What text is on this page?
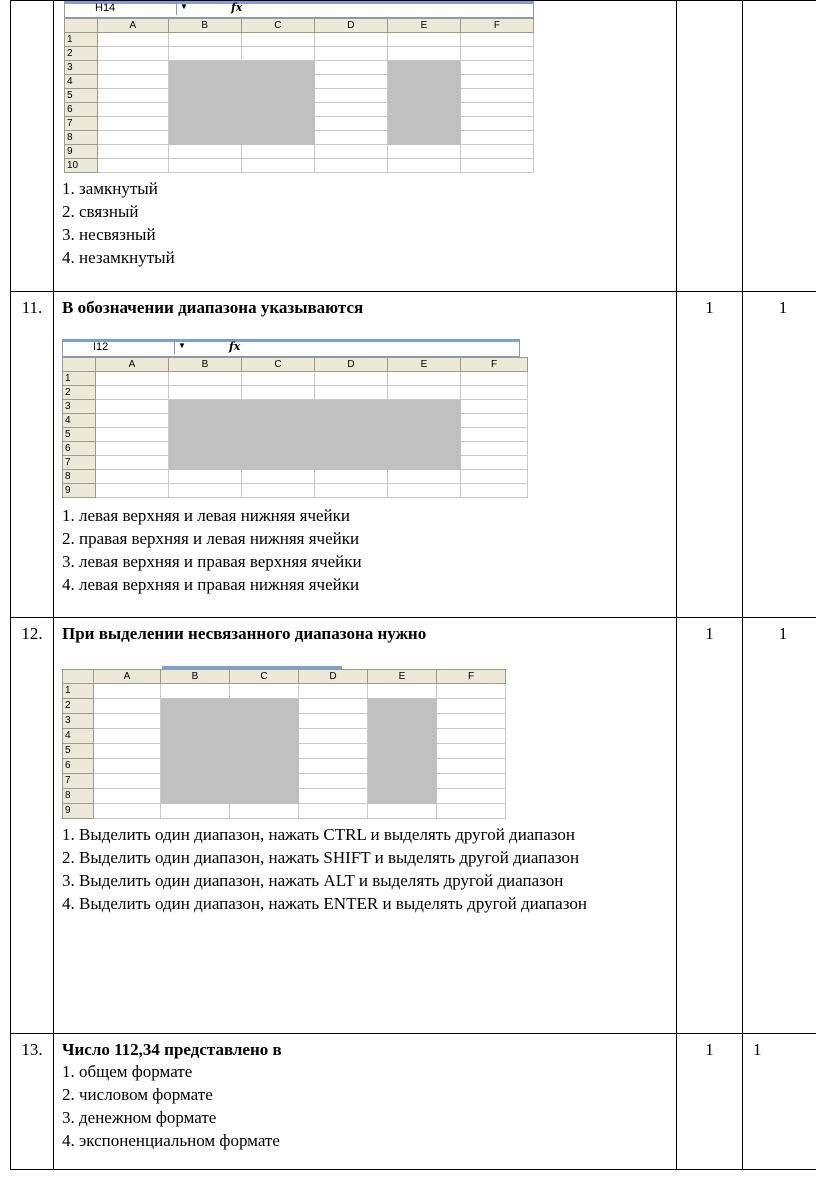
H14	▼	fx
	A	B	C	D	E	F
1						
2						
3						
4						
5						
6						
7						
8						
9						
10						
1. замкнутый
2. связный
3. несвязный
4. незамкнутый

11.	В обозначении диапазона указываются
I12	▼	fx
	A	B	C	D	E	F
1						
2						
3						
4						
5						
6						
7						
8						
9						
1. левая верхняя и левая нижняя ячейки
2. правая верхняя и левая нижняя ячейки
3. левая верхняя и правая верхняя ячейки
4. левая верхняя и правая нижняя ячейки
	1	1
12.	При выделении несвязанного диапазона нужно
	A	B	C	D	E	F
1						
2						
3						
4						
5						
6						
7						
8						
9						
1. Выделить один диапазон, нажать CTRL и выделять другой диапазон
2. Выделить один диапазон, нажать SHIFT и выделять другой диапазон
3. Выделить один диапазон, нажать ALT и выделять другой диапазон
4. Выделить один диапазон, нажать ENTER и выделять другой диапазон
	1	1
13.	Число 112,34 представлено в
1. общем формате
2. числовом формате
3. денежном формате
4. экспоненциальном формате
	1	1
